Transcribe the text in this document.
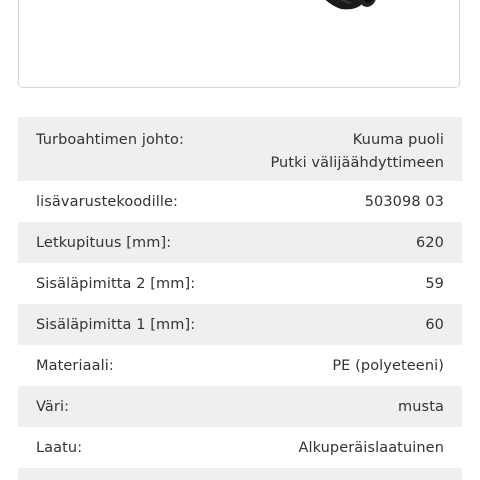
Turboahtimen johto:	Kuuma puoli
Putki välijäähdyttimeen
lisävarustekoodille:	503098 03
Letkupituus [mm]:	620
Sisäläpimitta 2 [mm]:	59
Sisäläpimitta 1 [mm]:	60
Materiaali:	PE (polyeteeni)
Väri:	musta
Laatu:	Alkuperäislaatuinen
